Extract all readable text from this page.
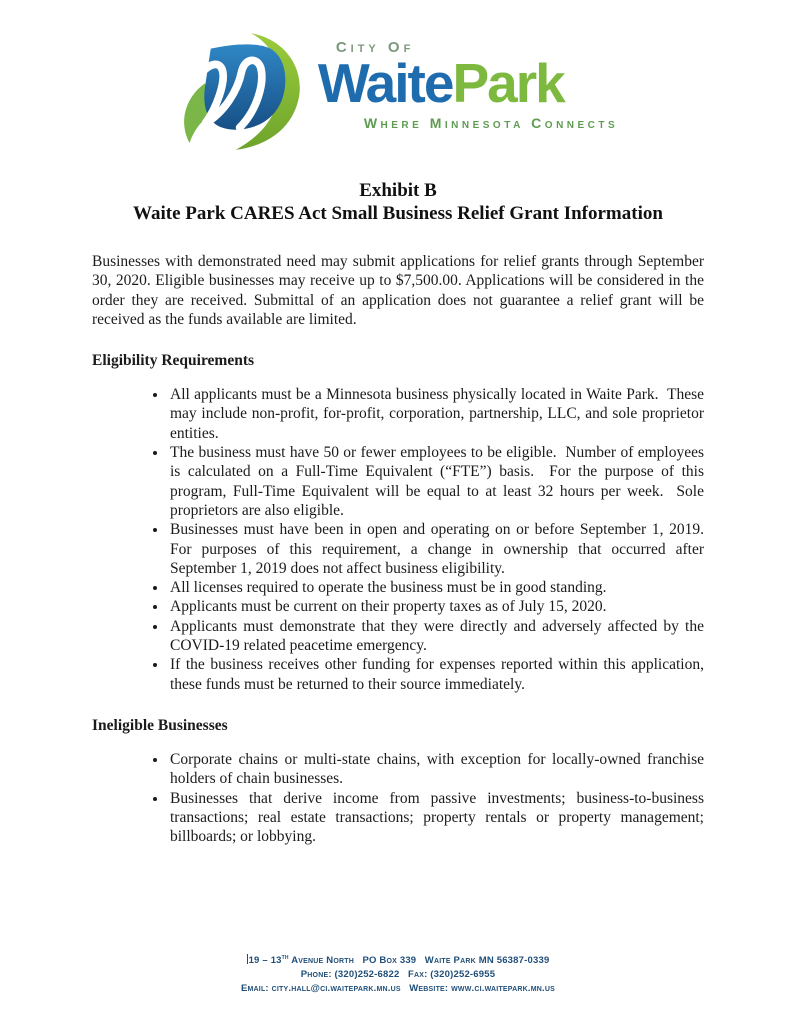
City Of
WaitePark
Where Minnesota Connects
Exhibit B
Waite Park CARES Act Small Business Relief Grant Information

Businesses with demonstrated need may submit applications for relief grants through September 30, 2020. Eligible businesses may receive up to $7,500.00. Applications will be considered in the order they are received. Submittal of an application does not guarantee a relief grant will be received as the funds available are limited.

Eligibility Requirements
• All applicants must be a Minnesota business physically located in Waite Park.  These may include non-profit, for-profit, corporation, partnership, LLC, and sole proprietor entities.
• The business must have 50 or fewer employees to be eligible.  Number of employees is calculated on a Full-Time Equivalent (“FTE”) basis.  For the purpose of this program, Full-Time Equivalent will be equal to at least 32 hours per week.  Sole proprietors are also eligible.
• Businesses must have been in open and operating on or before September 1, 2019.  For purposes of this requirement, a change in ownership that occurred after September 1, 2019 does not affect business eligibility.
• All licenses required to operate the business must be in good standing.
• Applicants must be current on their property taxes as of July 15, 2020.
• Applicants must demonstrate that they were directly and adversely affected by the COVID-19 related peacetime emergency.
• If the business receives other funding for expenses reported within this application, these funds must be returned to their source immediately.
Ineligible Businesses
• Corporate chains or multi-state chains, with exception for locally-owned franchise holders of chain businesses.
• Businesses that derive income from passive investments; business-to-business transactions; real estate transactions; property rentals or property management; billboards; or lobbying.
19 – 13th Avenue North   PO Box 339   Waite Park MN 56387-0339
Phone: (320)252-6822   Fax: (320)252-6955
Email: city.hall@ci.waitepark.mn.us   Website: www.ci.waitepark.mn.us
